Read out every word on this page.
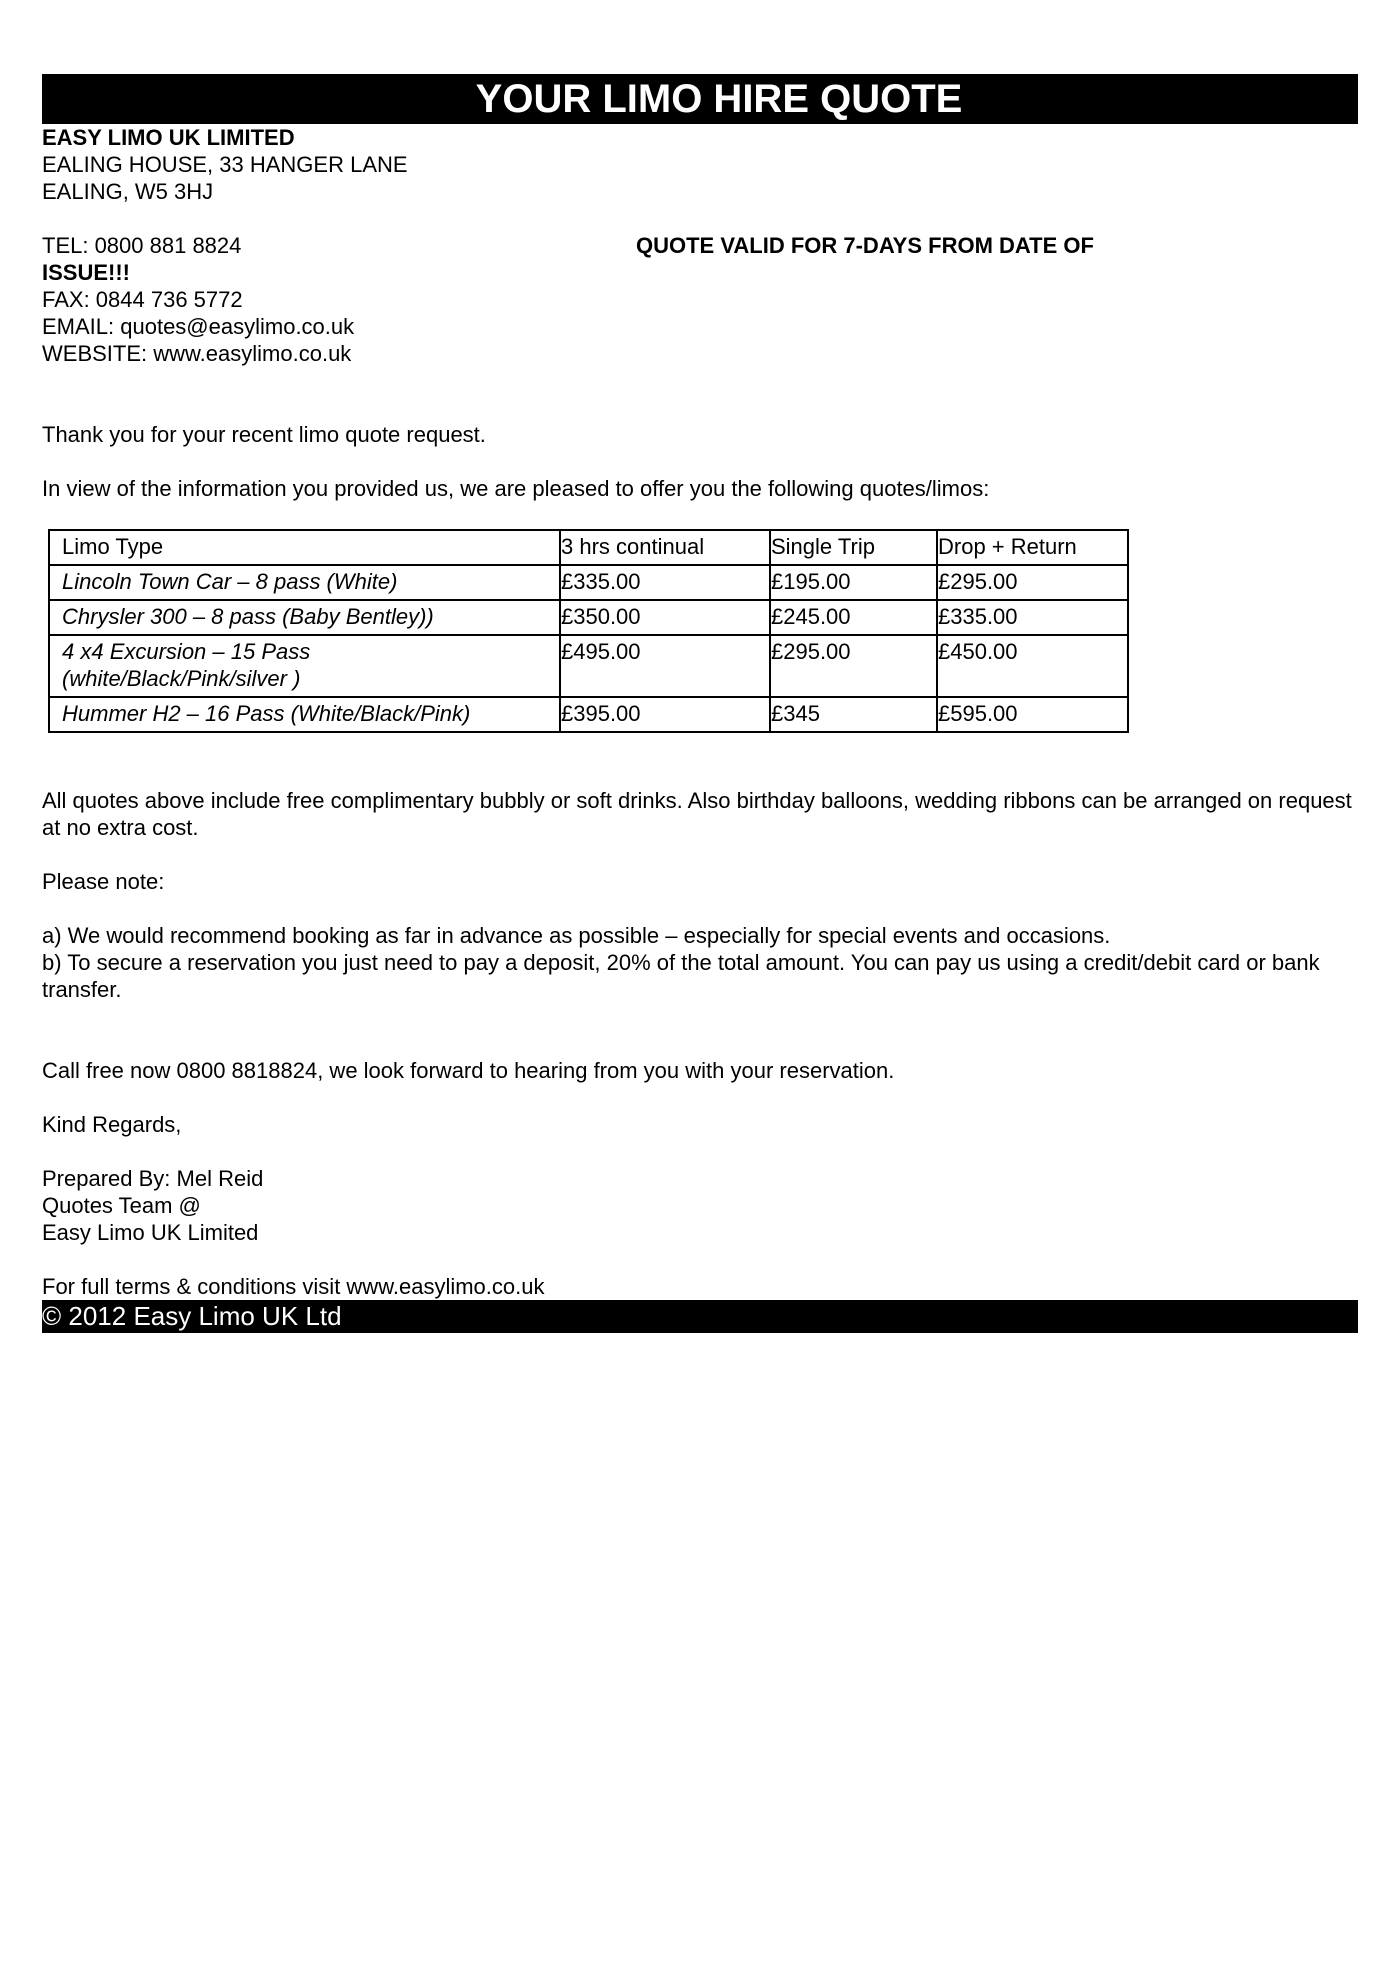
YOUR LIMO HIRE QUOTE
EASY LIMO UK LIMITED
EALING HOUSE, 33 HANGER LANE
EALING, W5 3HJ
TEL: 0800 881 8824	QUOTE VALID FOR 7-DAYS FROM DATE OF
ISSUE!!!
FAX: 0844 736 5772
EMAIL: quotes@easylimo.co.uk
WEBSITE: www.easylimo.co.uk
Thank you for your recent limo quote request.
In view of the information you provided us, we are pleased to offer you the following quotes/limos:
Limo Type	3 hrs continual	Single Trip	Drop + Return
Lincoln Town Car – 8 pass (White)	£335.00	£195.00	£295.00
Chrysler 300 – 8 pass (Baby Bentley))	£350.00	£245.00	£335.00

4 x4 Excursion – 15 Pass
(white/Black/Pink/silver )	£495.00	£295.00	£450.00
Hummer H2 – 16 Pass (White/Black/Pink)	£395.00	£345	£595.00
All quotes above include free complimentary bubbly or soft drinks. Also birthday balloons, wedding ribbons can be arranged on request at no extra cost.
Please note:
a) We would recommend booking as far in advance as possible – especially for special events and occasions.
b) To secure a reservation you just need to pay a deposit, 20% of the total amount. You can pay us using a credit/debit card or bank transfer.
Call free now 0800 8818824, we look forward to hearing from you with your reservation.
Kind Regards,
Prepared By: Mel Reid
Quotes Team @
Easy Limo UK Limited
For full terms & conditions visit www.easylimo.co.uk
© 2012 Easy Limo UK Ltd
